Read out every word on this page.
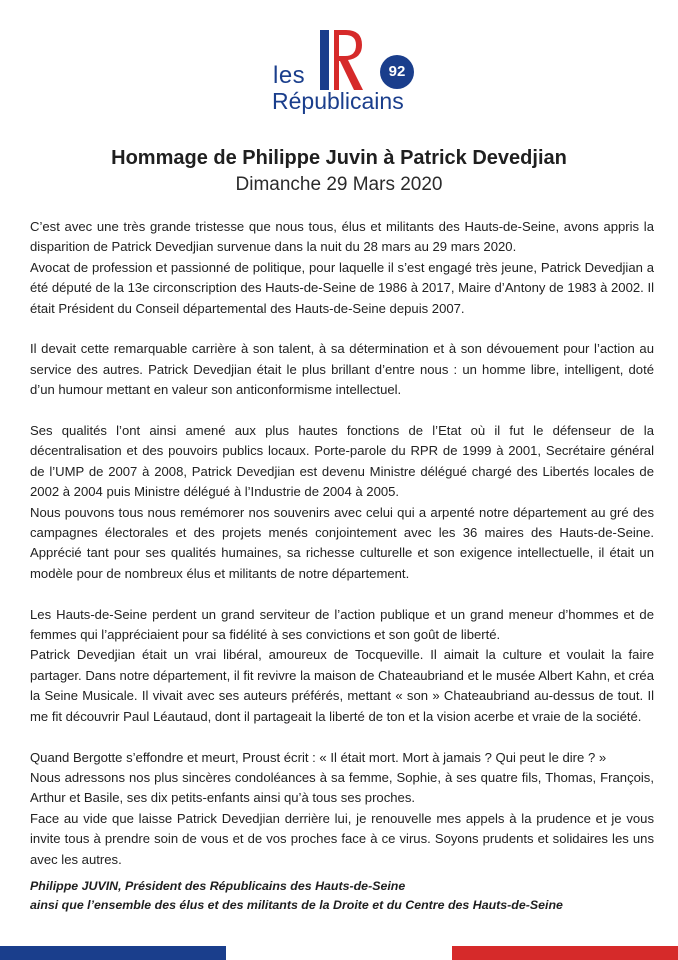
les	92
Républicains
Hommage de Philippe Juvin à Patrick Devedjian
Dimanche 29 Mars 2020

C’est avec une très grande tristesse que nous tous, élus et militants des Hauts-de-Seine, avons appris la disparition de Patrick Devedjian survenue dans la nuit du 28 mars au 29 mars 2020.

Avocat de profession et passionné de politique, pour laquelle il s’est engagé très jeune, Patrick Devedjian a été député de la 13e circonscription des Hauts-de-Seine de 1986 à 2017, Maire d’Antony de 1983 à 2002. Il était Président du Conseil départemental des Hauts-de-Seine depuis 2007.

Il devait cette remarquable carrière à son talent, à sa détermination et à son dévouement pour l’action au service des autres. Patrick Devedjian était le plus brillant d’entre nous : un homme libre, intelligent, doté d’un humour mettant en valeur son anticonformisme intellectuel.

Ses qualités l’ont ainsi amené aux plus hautes fonctions de l’Etat où il fut le défenseur de la décentralisation et des pouvoirs publics locaux. Porte-parole du RPR de 1999 à 2001, Secrétaire général de l’UMP de 2007 à 2008, Patrick Devedjian est devenu Ministre délégué chargé des Libertés locales de 2002 à 2004 puis Ministre délégué à l’Industrie de 2004 à 2005.

Nous pouvons tous nous remémorer nos souvenirs avec celui qui a arpenté notre département au gré des campagnes électorales et des projets menés conjointement avec les 36 maires des Hauts-de-Seine. Apprécié tant pour ses qualités humaines, sa richesse culturelle et son exigence intellectuelle, il était un modèle pour de nombreux élus et militants de notre département.

Les Hauts-de-Seine perdent un grand serviteur de l’action publique et un grand meneur d’hommes et de femmes qui l’appréciaient pour sa fidélité à ses convictions et son goût de liberté.

Patrick Devedjian était un vrai libéral, amoureux de Tocqueville. Il aimait la culture et voulait la faire partager. Dans notre département, il fit revivre la maison de Chateaubriand et le musée Albert Kahn, et créa la Seine Musicale. Il vivait avec ses auteurs préférés, mettant « son » Chateaubriand au-dessus de tout. Il me fit découvrir Paul Léautaud, dont il partageait la liberté de ton et la vision acerbe et vraie de la société.

Quand Bergotte s’effondre et meurt, Proust écrit : « Il était mort. Mort à jamais ? Qui peut le dire ? »

Nous adressons nos plus sincères condoléances à sa femme, Sophie, à ses quatre fils, Thomas, François, Arthur et Basile, ses dix petits-enfants ainsi qu’à tous ses proches.

Face au vide que laisse Patrick Devedjian derrière lui, je renouvelle mes appels à la prudence et je vous invite tous à prendre soin de vous et de vos proches face à ce virus. Soyons prudents et solidaires les uns avec les autres.

Philippe JUVIN, Président des Républicains des Hauts-de-Seine
ainsi que l’ensemble des élus et des militants de la Droite et du Centre des Hauts-de-Seine
